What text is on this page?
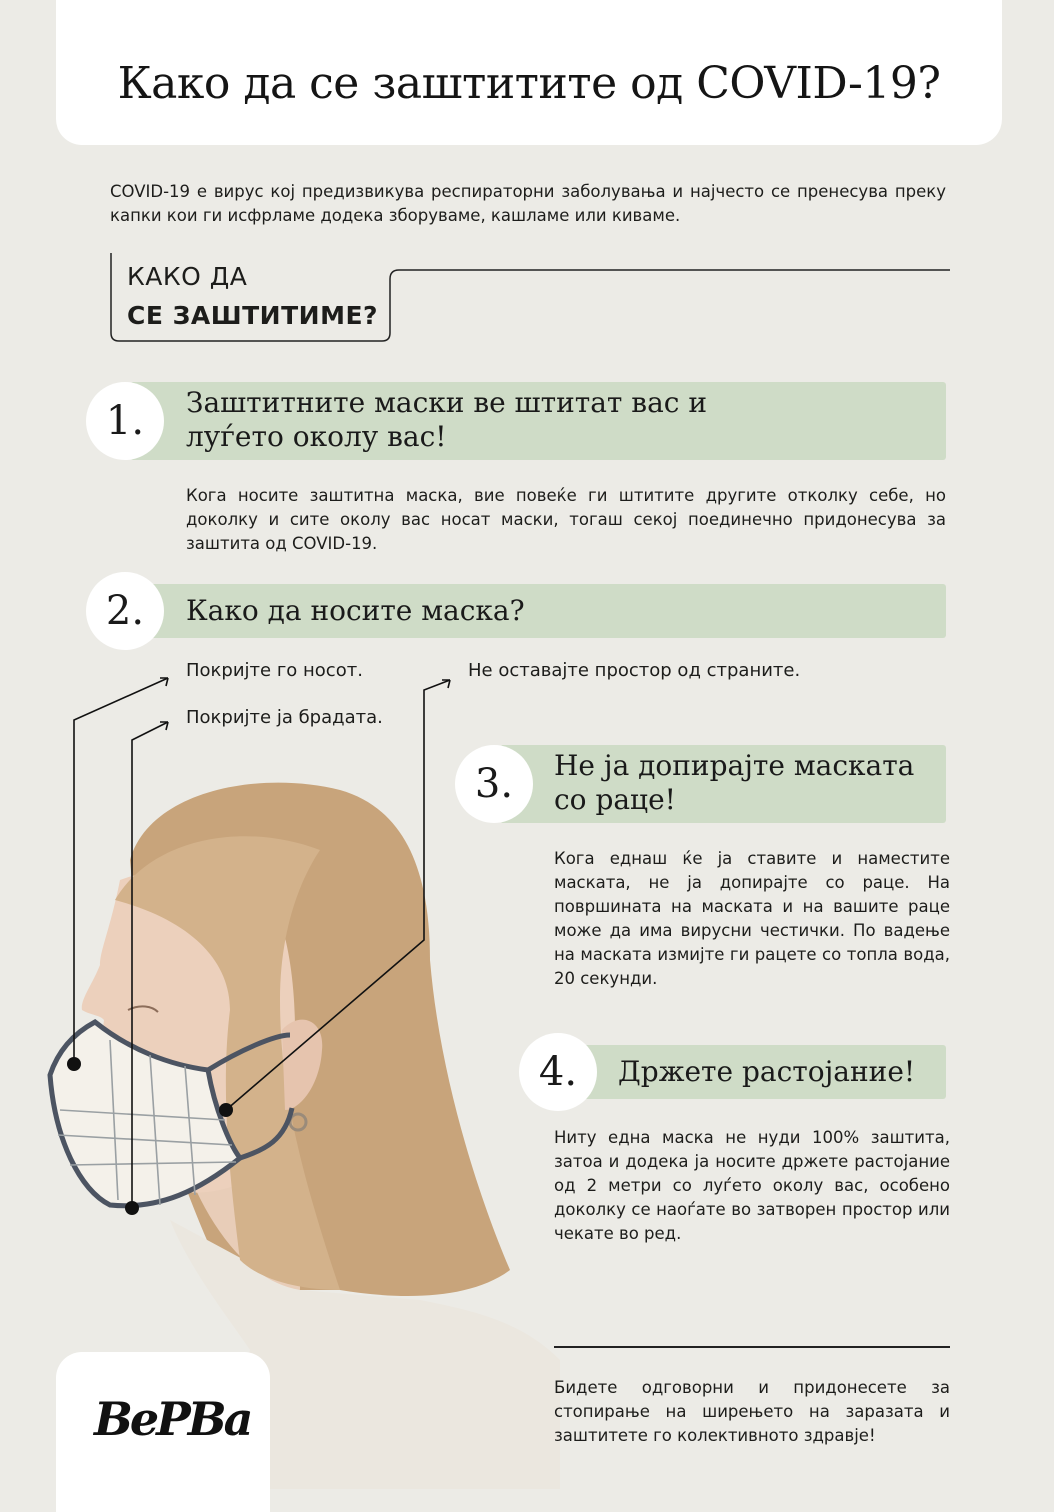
Како да се заштитите од COVID-19?

COVID-19 е вирус кој предизвикува респираторни заболувања и најчесто се пренесува преку капки кои ги исфрламе додека зборуваме, кашламе или киваме.

КАКО ДА
СЕ ЗАШТИТИМЕ?
1.	Заштитните маски ве штитат вас и
луѓето околу вас!

Кога носите заштитна маска, вие повеќе ги штитите другите отколку себе, но доколку и сите околу вас носат маски, тогаш секој поединечно придонесува за заштита од COVID-19.

2.	Како да носите маска?

Покријте го носот.

Покријте ја брадата.

Не оставајте простор од страните.

3.	Не ја допирајте маската
со раце!

Кога еднаш ќе ја ставите и наместите маската, не ја допирајте со раце. На површината на маската и на вашите раце може да има вирусни честички. По вадење на маската измијте ги рацете со топла вода, 20 секунди.

4.	Држете растојание!

Ниту една маска не нуди 100% заштита, затоа и додека ја носите држете растојание од 2 метри со луѓето околу вас, особено доколку се наоѓате во затворен простор или чекате во ред.

Бидете одговорни и придонесете за стопирање на ширењето на заразата и заштитете го колективното здравје!

BePBa
